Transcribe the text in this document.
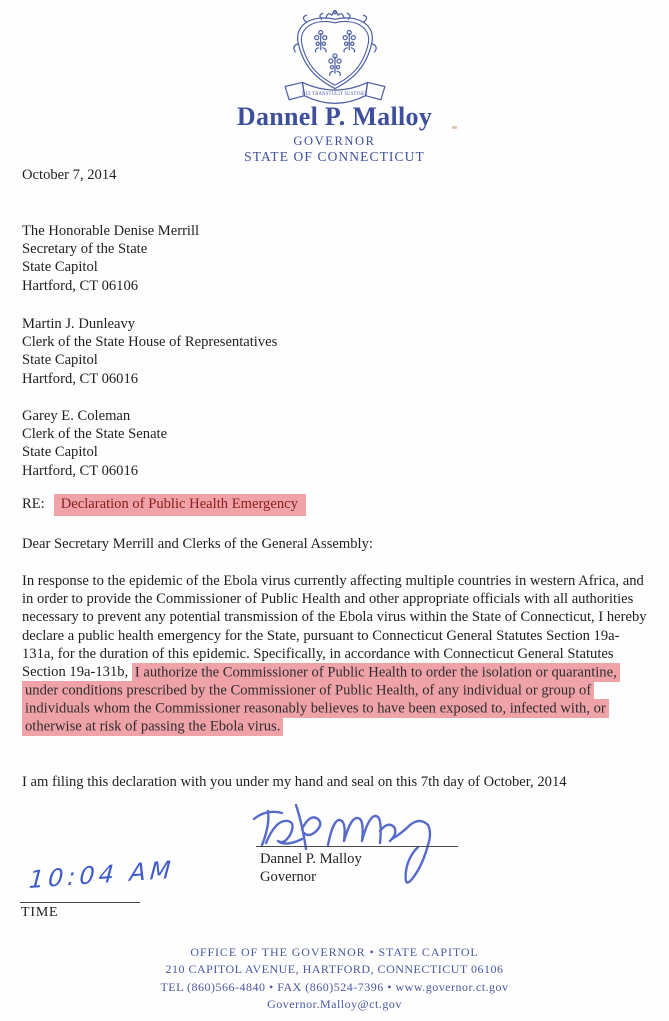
QUI TRANSTULIT SUSTINET
Dannel P. Malloy
GOVERNOR
STATE OF CONNECTICUT
October 7, 2014
The Honorable Denise Merrill
Secretary of the State
State Capitol
Hartford, CT 06106
Martin J. Dunleavy
Clerk of the State House of Representatives
State Capitol
Hartford, CT 06016
Garey E. Coleman
Clerk of the State Senate
State Capitol
Hartford, CT 06016
RE: Declaration of Public Health Emergency
Dear Secretary Merrill and Clerks of the General Assembly:

In response to the epidemic of the Ebola virus currently affecting multiple countries in western Africa, and in order to provide the Commissioner of Public Health and other appropriate officials with all authorities necessary to prevent any potential transmission of the Ebola virus within the State of Connecticut, I hereby declare a public health emergency for the State, pursuant to Connecticut General Statutes Section 19a-131a, for the duration of this epidemic. Specifically, in accordance with Connecticut General Statutes Section 19a-131b, I authorize the Commissioner of Public Health to order the isolation or quarantine, under conditions prescribed by the Commissioner of Public Health, of any individual or group of individuals whom the Commissioner reasonably believes to have been exposed to, infected with, or otherwise at risk of passing the Ebola virus.

I am filing this declaration with you under my hand and seal on this 7th day of October, 2014
Dannel P. Malloy
Governor
10:04 AM
TIME
OFFICE OF THE GOVERNOR • STATE CAPITOL
210 CAPITOL AVENUE, HARTFORD, CONNECTICUT 06106
TEL (860)566-4840 • FAX (860)524-7396 • www.governor.ct.gov
Governor.Malloy@ct.gov
